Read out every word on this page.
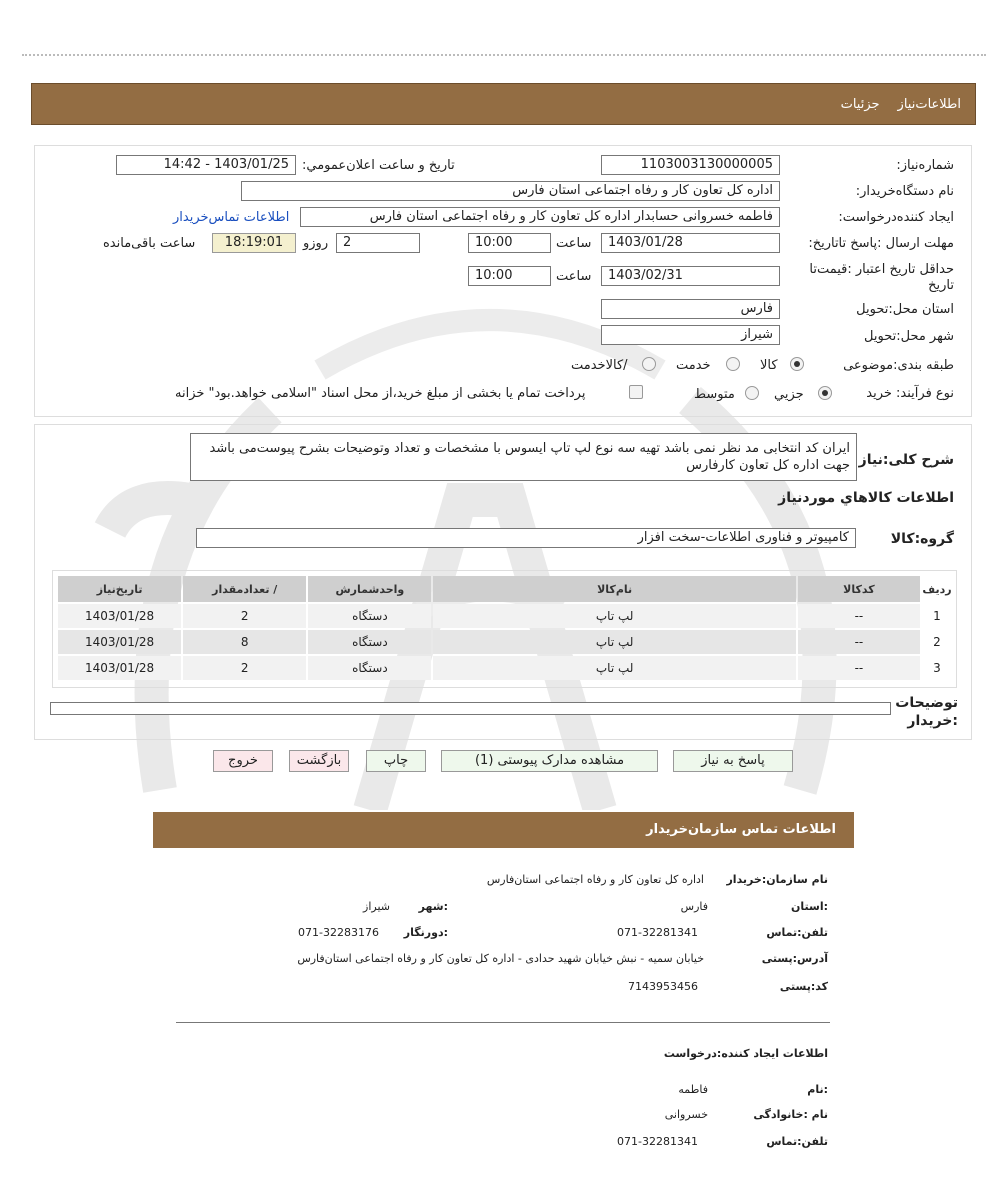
اطلاعات‌نيازجزئيات
شماره‌نیاز:
1103003130000005
تاريخ و ساعت اعلان‌عمومي:
1403/01/25 - 14:42
نام دستگاه‌خريدار:
اداره کل تعاون کار و رفاه اجتماعی استان فارس
ايجاد کننده‌درخواست:
فاطمه خسروانی حسابدار اداره کل تعاون کار و رفاه اجتماعی استان فارس
اطلاعات تماس‌خريدار
مهلت ارسال :پاسخ تا‌تاريخ:
1403/01/28
ساعت
10:00
2
روزو
18:19:01
ساعت باقی‌مانده
حداقل تاريخ اعتبار :قيمت‌تا تاريخ
1403/02/31
ساعت
10:00
استان محل:تحويل
فارس
شهر محل:تحويل
شيراز
طبقه بندی:موضوعی
کالا
خدمت
/کالاخدمت
نوع فرآيند: خريد
جزيي
متوسط
پرداخت تمام يا بخشی از مبلغ خريد،از محل اسناد "اسلامی خواهد.بود" خزانه
شرح کلی:نياز
ایران کد انتخابی مد نظر نمی باشد تهیه سه نوع لپ تاپ ایسوس با مشخصات و تعداد وتوضیحات بشرح پیوست‌می باشد جهت اداره کل تعاون کارفارس
اطلاعات کالاهاي موردنياز
گروه:کالا
کامپيوتر و فناوری اطلاعات-سخت افزار
رديف	کدکالا	نام‌کالا	واحدشمارش	/ تعدادمقدار	تاريخ‌نياز
1	--	لپ تاپ	دستگاه	2	1403/01/28
2	--	لپ تاپ	دستگاه	8	1403/01/28
3	--	لپ تاپ	دستگاه	2	1403/01/28
توضيحات :خريدار
پاسخ به نياز
مشاهده مدارک پيوستی (1)
چاپ
بازگشت
خروج
اطلاعات تماس سازمان‌خريدار
نام سازمان:خريدار
اداره کل تعاون کار و رفاه اجتماعی استان‌فارس
:استان
فارس
:شهر
شيراز
تلفن:تماس
071-32281341
:دورنگار
071-32283176
آدرس:پستی
خيابان سميه - نبش خيابان شهيد حدادی - اداره کل تعاون کار و رفاه اجتماعی استان‌فارس
کد:پستی
7143953456
اطلاعات ايجاد کننده:درخواست
:نام
فاطمه
نام :خانوادگی
خسروانی
تلفن:تماس
071-32281341
